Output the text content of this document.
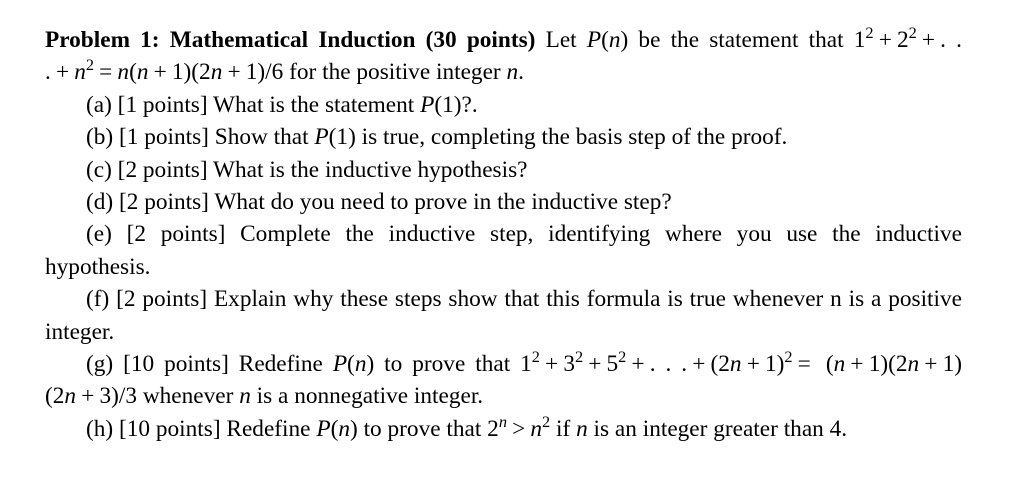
Problem 1: Mathematical Induction (30 points) Let P(n) be the statement that $1^2 + 2^2$ + . . . + $n^2 = n(n + 1)(2n + 1)/6$ for the positive integer n.

(a) [1 points] What is the statement P(1)?.

(b) [1 points] Show that P(1) is true, completing the basis step of the proof.

(c) [2 points] What is the inductive hypothesis?

(d) [2 points] What do you need to prove in the inductive step?

(e) [2 points] Complete the inductive step, identifying where you use the inductive hypothesis.

(f) [2 points] Explain why these steps show that this formula is true whenever n is a positive integer.

(g) [10 points] Redefine P(n) to prove that $1^2 + 3^2 + 5^2$ + . . . + $(2n + 1)^2 = (n + 1)(2n + 1)(2n + 3)/3$ whenever n is a nonnegative integer.

(h) [10 points] Redefine P(n) to prove that $2^n > n^2$ if n is an integer greater than 4.
